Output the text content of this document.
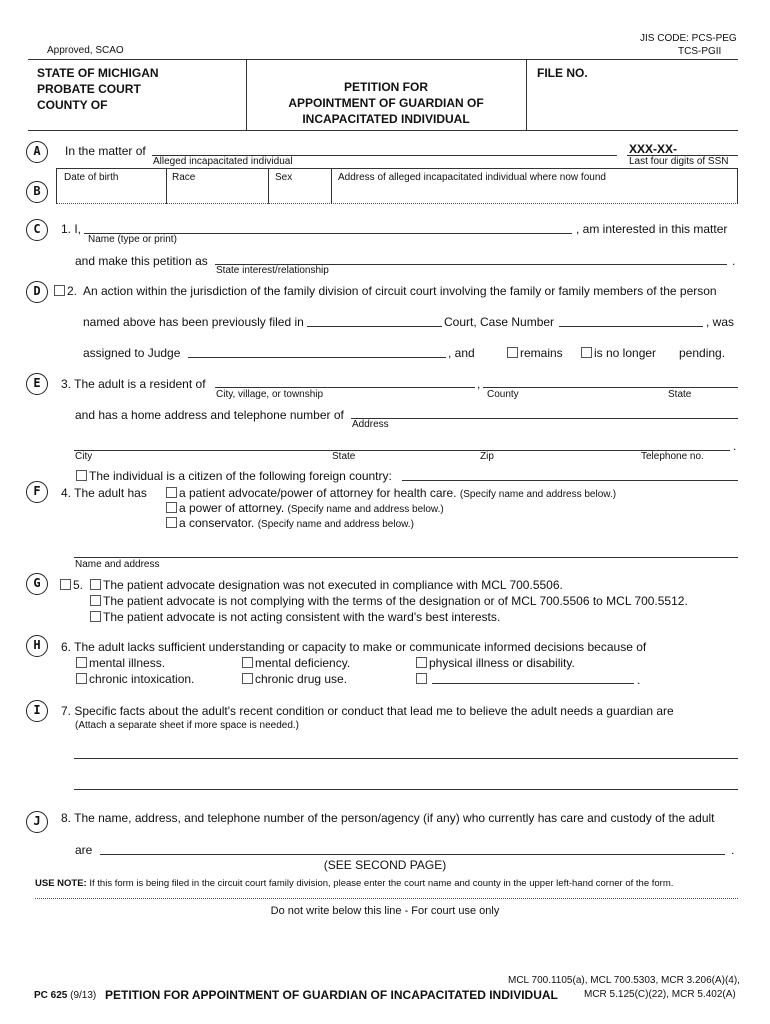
JIS CODE: PCS-PEG
TCS-PGII
Approved, SCAO
STATE OF MICHIGAN
PROBATE COURT
COUNTY OF
PETITION FOR
APPOINTMENT OF GUARDIAN OF
INCAPACITATED INDIVIDUAL
FILE NO.
A
B
C
D
E
F
G
H
I
J
In the matter of
Alleged incapacitated individual
XXX-XX-
Last four digits of SSN
Date of birth	Race	Sex	Address of alleged incapacitated individual where now found
1. I,
Name (type or print)
, am interested in this matter
and make this petition as	.
State interest/relationship
2. An action within the jurisdiction of the family division of circuit court involving the family or family members of the person
named above has been previously filed in	Court, Case Number	, was
assigned to Judge	, and	remains	is no longer pending.
3. The adult is a resident of	,
City, village, or township	County	State
and has a home address and telephone number of
Address
.
City	State	Zip	Telephone no.
The individual is a citizen of the following foreign country:
4. The adult has	a patient advocate/power of attorney for health care. (Specify name and address below.)
a power of attorney. (Specify name and address below.)
a conservator. (Specify name and address below.)
Name and address
5.	The patient advocate designation was not executed in compliance with MCL 700.5506.
The patient advocate is not complying with the terms of the designation or of MCL 700.5506 to MCL 700.5512.
The patient advocate is not acting consistent with the ward's best interests.
6. The adult lacks sufficient understanding or capacity to make or communicate informed decisions because of
mental illness.	mental deficiency.	physical illness or disability.
chronic intoxication.	chronic drug use.	.
7. Specific facts about the adult's recent condition or conduct that lead me to believe the adult needs a guardian are
(Attach a separate sheet if more space is needed.)
8. The name, address, and telephone number of the person/agency (if any) who currently has care and custody of the adult
are	.
(SEE SECOND PAGE)
USE NOTE: If this form is being filed in the circuit court family division, please enter the court name and county in the upper left-hand corner of the form.
Do not write below this line - For court use only
MCL 700.1105(a), MCL 700.5303, MCR 3.206(A)(4),
PC 625 (9/13) PETITION FOR APPOINTMENT OF GUARDIAN OF INCAPACITATED INDIVIDUAL	MCR 5.125(C)(22), MCR 5.402(A)
